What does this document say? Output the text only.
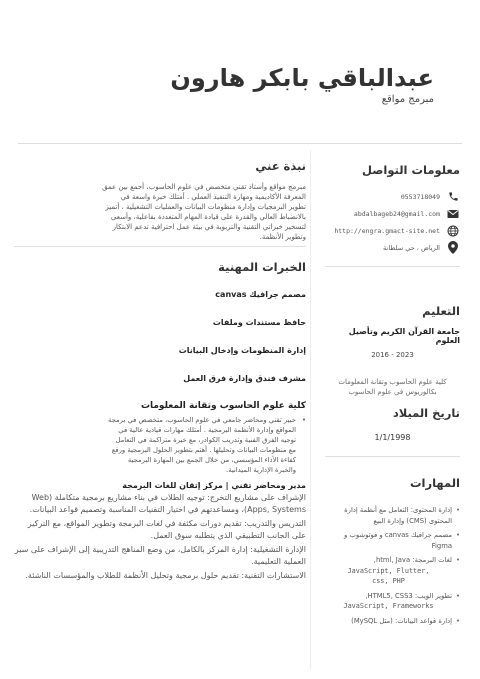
عبدالباقي بابكر هارون
مبرمج مواقع
معلومات التواصل
0553718049
abdalbageb24@gmail.com
http://engra.gmact-site.net
الرياض ، حي سلطانة
التعليم
جامعة القرآن الكريم وتأصيل العلوم
2016 - 2023
كلية علوم الحاسوب وتقانة المعلومات
بكالوريوس في علوم الحاسوب
تاريخ الميلاد
1/1/1998
المهارات
• إدارة المحتوى: التعامل مع أنظمة إدارة
المحتوى (CMS) وإدارة البيع
• مصمم جرافيك canvas و فوتوشوب و
Figma
• لغات البرمجة: html, Java,
JavaScript, Flutter,
css, PHP
• تطوير الويب: HTML5, CSS3,
JavaScript, Frameworks
• إدارة قواعد البيانات: (مثل MySQL)
نبذة عني
مبرمج مواقع وأستاذ تقني متخصص في علوم الحاسوب، أجمع بين عمق
المعرفة الأكاديمية ومهارة التنفيذ العملي . أمتلك خبرة واسعة في
تطوير البرمجيات وإدارة منظومات البيانات والعمليات التشغيلية ، أتميز
بالانضباط العالي والقدرة على قيادة المهام المتعددة بفاعلية، وأسعى
لتسخير خبراتي التقنية والتربوية في بيئة عمل احترافية تدعم الابتكار
وتطوير الأنظمة.
الخبرات المهنية
مصمم جرافيك canvas
حافظ مستندات وملفات
إدارة المنظومات وإدخال البيانات
مشرف فندق وإدارة فرق العمل
كلية علوم الحاسوب وتقانة المعلومات
• خبير تقني ومحاضر جامعي في علوم الحاسوب، متخصص في برمجة
المواقع وإدارة الأنظمة البرمجية . أمتلك مهارات قيادية عالية في
توجيه الفرق الفنية وتدريب الكوادر، مع خبرة متراكمة في التعامل
مع منظومات البيانات وتحليلها . أهتم بتطوير الحلول البرمجية ورفع
كفاءة الأداء المؤسسي، من خلال الجمع بين المهارة البرمجية
والخبرة الإدارية الميدانية.
مدير ومحاضر تقني | مركز إتقان للغات البرمجة

الإشراف على مشاريع التخرج: توجيه الطلاب في بناء مشاريع برمجية متكاملة (Web Apps, Systems)، ومساعدتهم في اختيار التقنيات المناسبة وتصميم قواعد البيانات.

التدريس والتدريب: تقديم دورات مكثفة في لغات البرمجة وتطوير المواقع، مع التركيز على الجانب التطبيقي الذي يتطلبه سوق العمل.

الإدارة التشغيلية: إدارة المركز بالكامل، من وضع المناهج التدريبية إلى الإشراف على سير العملية التعليمية.

الاستشارات التقنية: تقديم حلول برمجية وتحليل الأنظمة للطلاب والمؤسسات الناشئة.
